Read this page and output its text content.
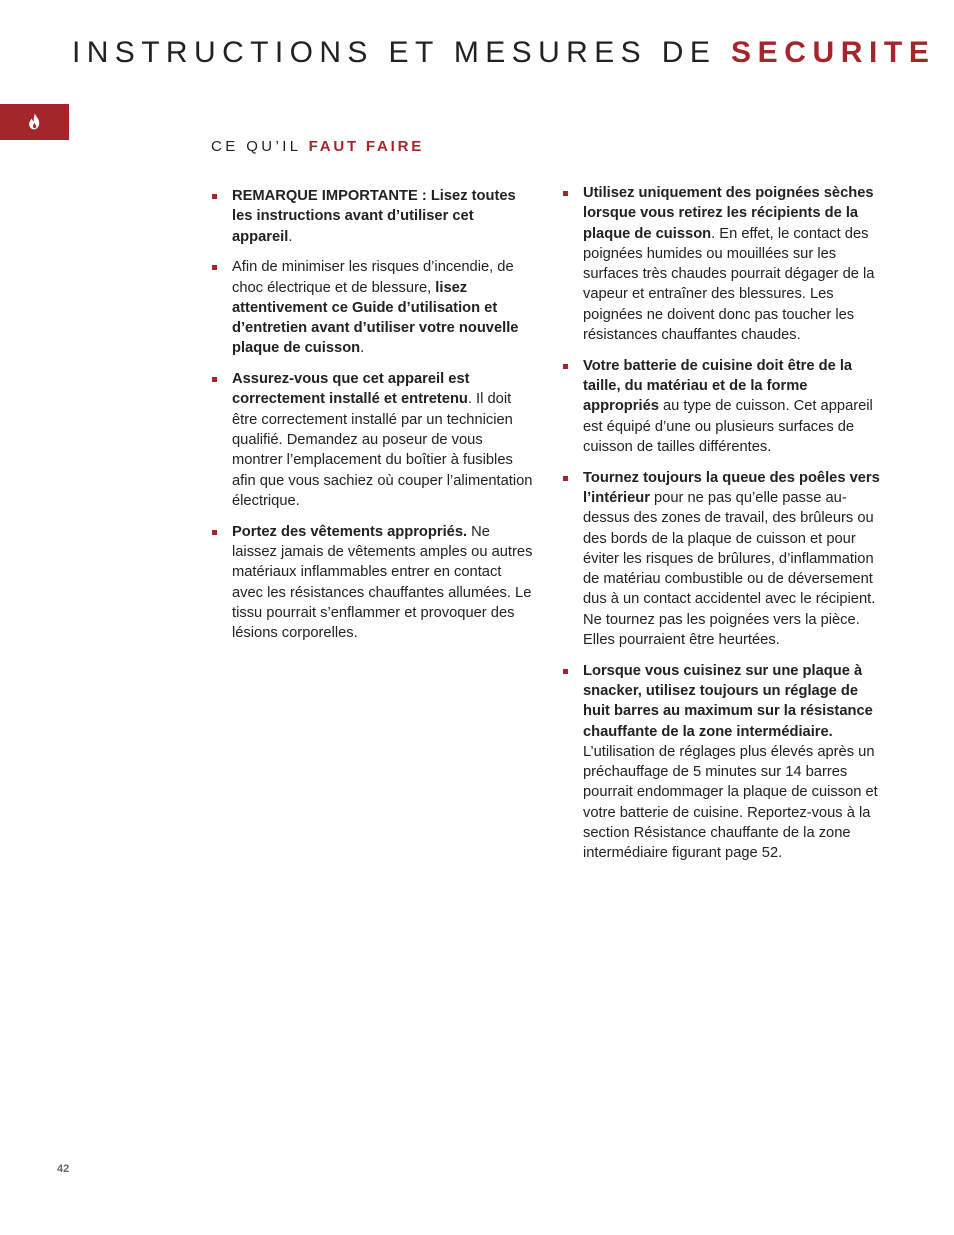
INSTRUCTIONS ET MESURES DE SECURITE
CE QU’IL FAUT FAIRE
REMARQUE IMPORTANTE : Lisez toutes les instructions avant d’utiliser cet appareil.
Afin de minimiser les risques d’incendie, de choc électrique et de blessure, lisez attentivement ce Guide d’utilisation et d’entretien avant d’utiliser votre nouvelle plaque de cuisson.
Assurez-vous que cet appareil est correctement installé et entretenu. Il doit être correctement installé par un technicien qualifié. Demandez au poseur de vous montrer l’emplacement du boîtier à fusibles afin que vous sachiez où couper l’alimentation électrique.
Portez des vêtements appropriés. Ne laissez jamais de vêtements amples ou autres matériaux inflammables entrer en contact avec les résistances chauffantes allumées. Le tissu pourrait s’enflammer et provoquer des lésions corporelles.
Utilisez uniquement des poignées sèches lorsque vous retirez les récipients de la plaque de cuisson. En effet, le contact des poignées humides ou mouillées sur les surfaces très chaudes pourrait dégager de la vapeur et entraîner des blessures. Les poignées ne doivent donc pas toucher les résistances chauffantes chaudes.
Votre batterie de cuisine doit être de la taille, du matériau et de la forme appropriés au type de cuisson. Cet appareil est équipé d’une ou plusieurs surfaces de cuisson de tailles différentes.
Tournez toujours la queue des poêles vers l’intérieur pour ne pas qu’elle passe au-dessus des zones de travail, des brûleurs ou des bords de la plaque de cuisson et pour éviter les risques de brûlures, d’inflammation de matériau combustible ou de déversement dus à un contact accidentel avec le récipient. Ne tournez pas les poignées vers la pièce. Elles pourraient être heurtées.
Lorsque vous cuisinez sur une plaque à snacker, utilisez toujours un réglage de huit barres au maximum sur la résistance chauffante de la zone intermédiaire. L’utilisation de réglages plus élevés après un préchauffage de 5 minutes sur 14 barres pourrait endommager la plaque de cuisson et votre batterie de cuisine. Reportez-vous à la section Résistance chauffante de la zone intermédiaire figurant page 52.
42
